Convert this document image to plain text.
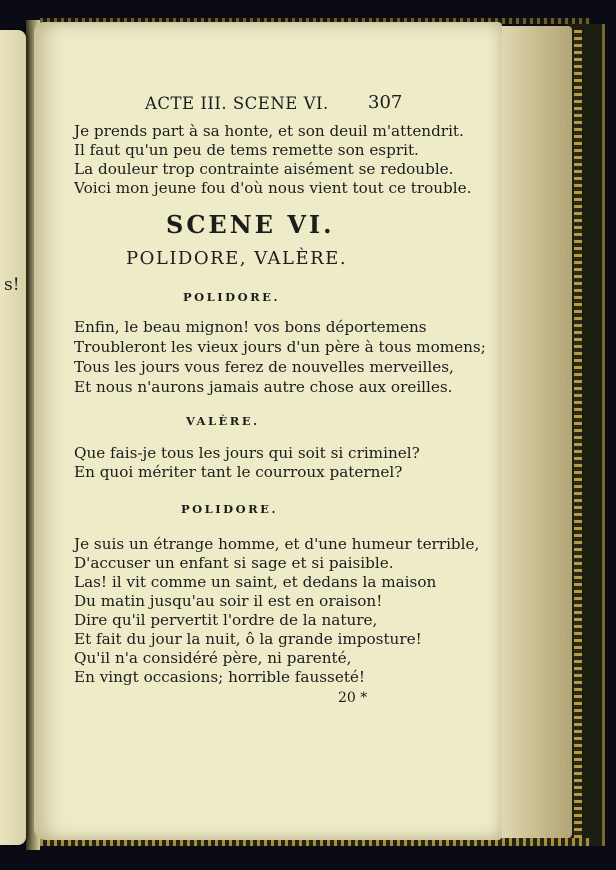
s!
ACTE III. SCENE VI. 307
Je prends part à sa honte, et son deuil m'attendrit.
Il faut qu'un peu de tems remette son esprit.
La douleur trop contrainte aisément se redouble.
Voici mon jeune fou d'où nous vient tout ce trouble.
SCENE VI.
POLIDORE, VALÈRE.
POLIDORE.
Enfin, le beau mignon! vos bons déportemens
Troubleront les vieux jours d'un père à tous momens;
Tous les jours vous ferez de nouvelles merveilles,
Et nous n'aurons jamais autre chose aux oreilles.
VALÈRE.
Que fais-je tous les jours qui soit si criminel?
En quoi mériter tant le courroux paternel?
POLIDORE.
Je suis un étrange homme, et d'une humeur terrible,
D'accuser un enfant si sage et si paisible.
Las! il vit comme un saint, et dedans la maison
Du matin jusqu'au soir il est en oraison!
Dire qu'il pervertit l'ordre de la nature,
Et fait du jour la nuit, ô la grande imposture!
Qu'il n'a considéré père, ni parenté,
En vingt occasions; horrible fausseté!
20 *
